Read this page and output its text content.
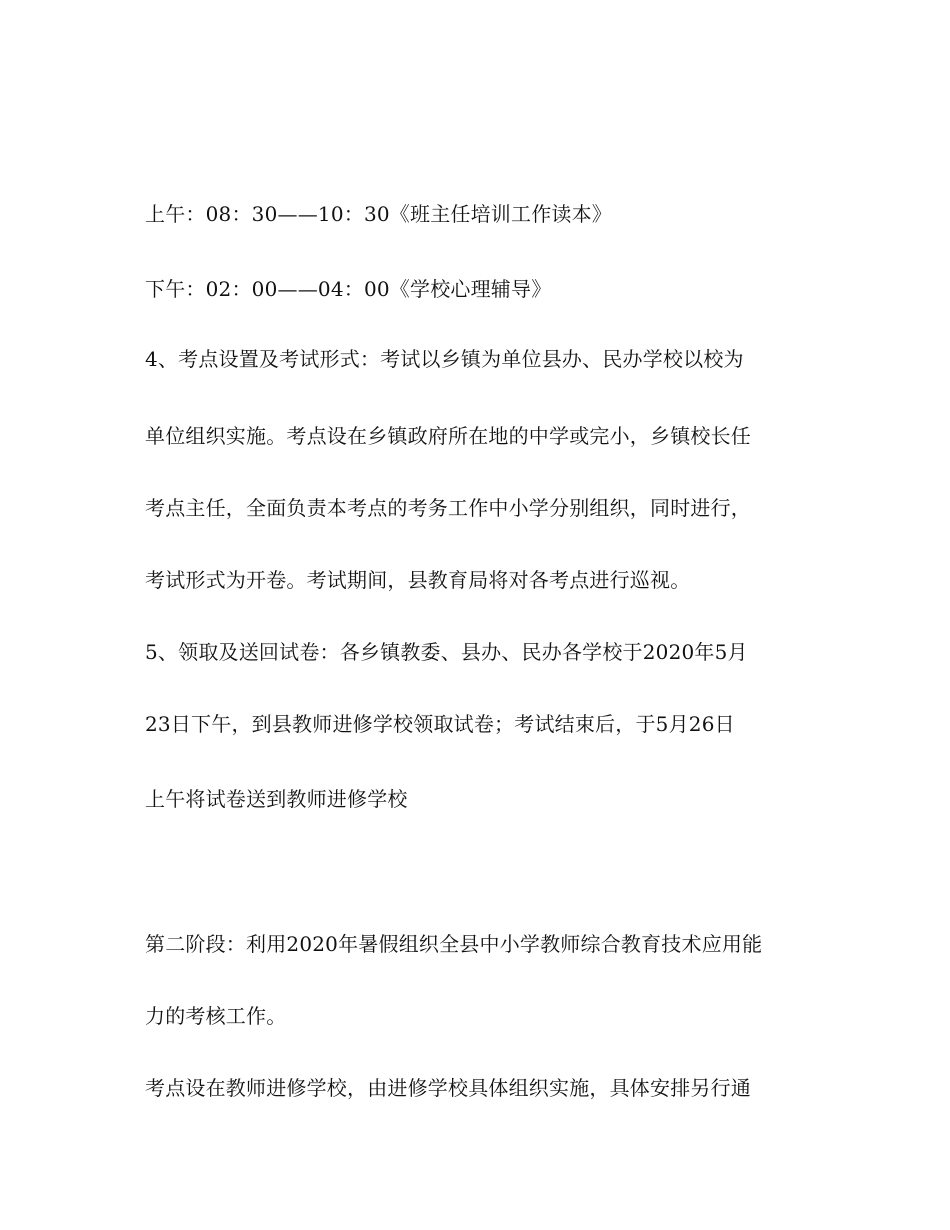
上午：08：30——10：30《班主任培训工作读本》
下午：02：00——04：00《学校心理辅导》
4、考点设置及考试形式：考试以乡镇为单位县办、民办学校以校为
单位组织实施。考点设在乡镇政府所在地的中学或完小，乡镇校长任
考点主任，全面负责本考点的考务工作中小学分别组织，同时进行，
考试形式为开卷。考试期间，县教育局将对各考点进行巡视。
5、领取及送回试卷：各乡镇教委、县办、民办各学校于2020年5月
23日下午，到县教师进修学校领取试卷；考试结束后，于5月26日
上午将试卷送到教师进修学校
第二阶段：利用2020年暑假组织全县中小学教师综合教育技术应用能
力的考核工作。
考点设在教师进修学校，由进修学校具体组织实施，具体安排另行通
